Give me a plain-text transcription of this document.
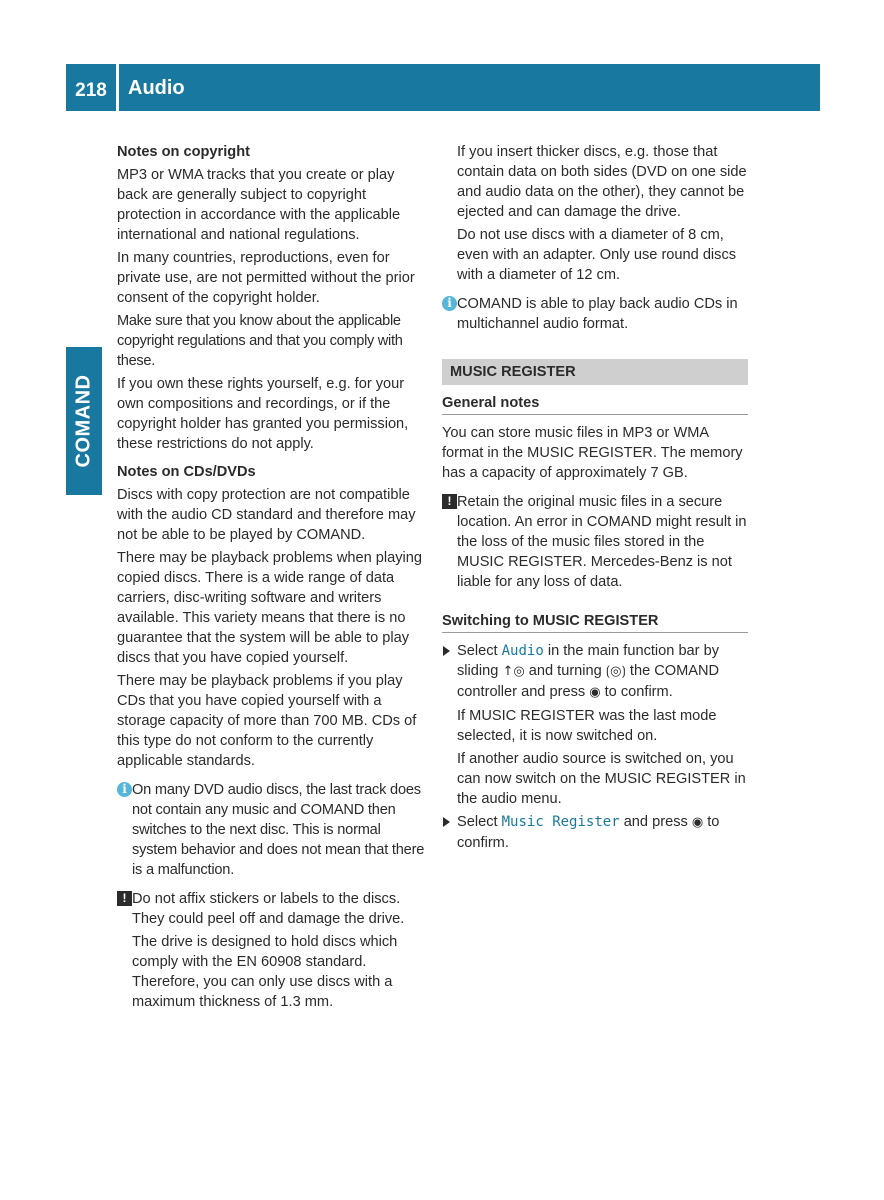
218	Audio
COMAND

Notes on copyright

MP3 or WMA tracks that you create or play back are generally subject to copyright protection in accordance with the applicable international and national regulations.

In many countries, reproductions, even for private use, are not permitted without the prior consent of the copyright holder.

Make sure that you know about the applicable copyright regulations and that you comply with these.

If you own these rights yourself, e.g. for your own compositions and recordings, or if the copyright holder has granted you permission, these restrictions do not apply.

Notes on CDs/DVDs

Discs with copy protection are not compatible with the audio CD standard and therefore may not be able to be played by COMAND.

There may be playback problems when playing copied discs. There is a wide range of data carriers, disc-writing software and writers available. This variety means that there is no guarantee that the system will be able to play discs that you have copied yourself.

There may be playback problems if you play CDs that you have copied yourself with a storage capacity of more than 700 MB. CDs of this type do not conform to the currently applicable standards.

i On many DVD audio discs, the last track does not contain any music and COMAND then switches to the next disc. This is normal system behavior and does not mean that there is a malfunction.
! Do not affix stickers or labels to the discs. They could peel off and damage the drive.

The drive is designed to hold discs which comply with the EN 60908 standard. Therefore, you can only use discs with a maximum thickness of 1.3 mm.

If you insert thicker discs, e.g. those that contain data on both sides (DVD on one side and audio data on the other), they cannot be ejected and can damage the drive.

Do not use discs with a diameter of 8 cm, even with an adapter. Only use round discs with a diameter of 12 cm.

i COMAND is able to play back audio CDs in multichannel audio format.
MUSIC REGISTER
General notes

You can store music files in MP3 or WMA format in the MUSIC REGISTER. The memory has a capacity of approximately 7 GB.

! Retain the original music files in a secure location. An error in COMAND might result in the loss of the music files stored in the MUSIC REGISTER. Mercedes-Benz is not liable for any loss of data.
Switching to MUSIC REGISTER
Select Audio in the main function bar by sliding ↑◎ and turning ⟮◎⟯ the COMAND controller and press ◉ to confirm.

If MUSIC REGISTER was the last mode selected, it is now switched on.

If another audio source is switched on, you can now switch on the MUSIC REGISTER in the audio menu.

Select Music Register and press ◉ to confirm.
